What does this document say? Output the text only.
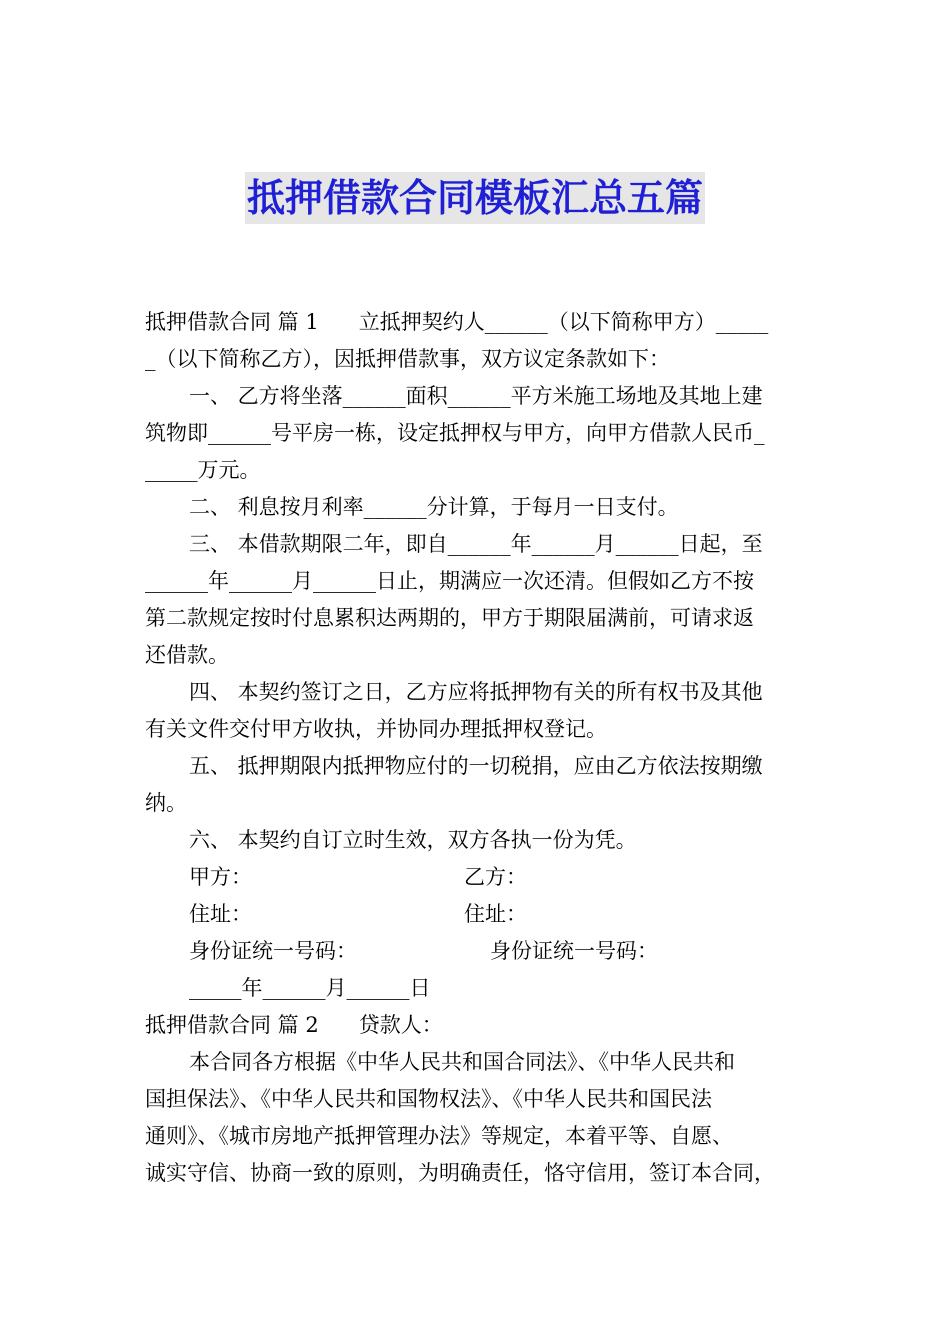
抵押借款合同模板汇总五篇
抵押借款合同 篇 1 立抵押契约人______（以下简称甲方）_____
_（以下简称乙方），因抵押借款事，双方议定条款如下：
一、 乙方将坐落______面积______平方米施工场地及其地上建
筑物即______号平房一栋，设定抵押权与甲方，向甲方借款人民币_
_____万元。
二、 利息按月利率______分计算，于每月一日支付。
三、 本借款期限二年，即自______年______月______日起，至
______年______月______日止，期满应一次还清。但假如乙方不按
第二款规定按时付息累积达两期的，甲方于期限届满前，可请求返
还借款。
四、 本契约签订之日，乙方应将抵押物有关的所有权书及其他
有关文件交付甲方收执，并协同办理抵押权登记。
五、 抵押期限内抵押物应付的一切税捐，应由乙方依法按期缴
纳。
六、 本契约自订立时生效，双方各执一份为凭。
甲方：	乙方：
住址：	住址：
身份证统一号码：	身份证统一号码：
_____年______月______日
抵押借款合同 篇 2 贷款人：
本合同各方根据《中华人民共和国合同法》、《中华人民共和
国担保法》、《中华人民共和国物权法》、《中华人民共和国民法
通则》、《城市房地产抵押管理办法》等规定，本着平等、自愿、
诚实守信、协商一致的原则，为明确责任，恪守信用，签订本合同，
